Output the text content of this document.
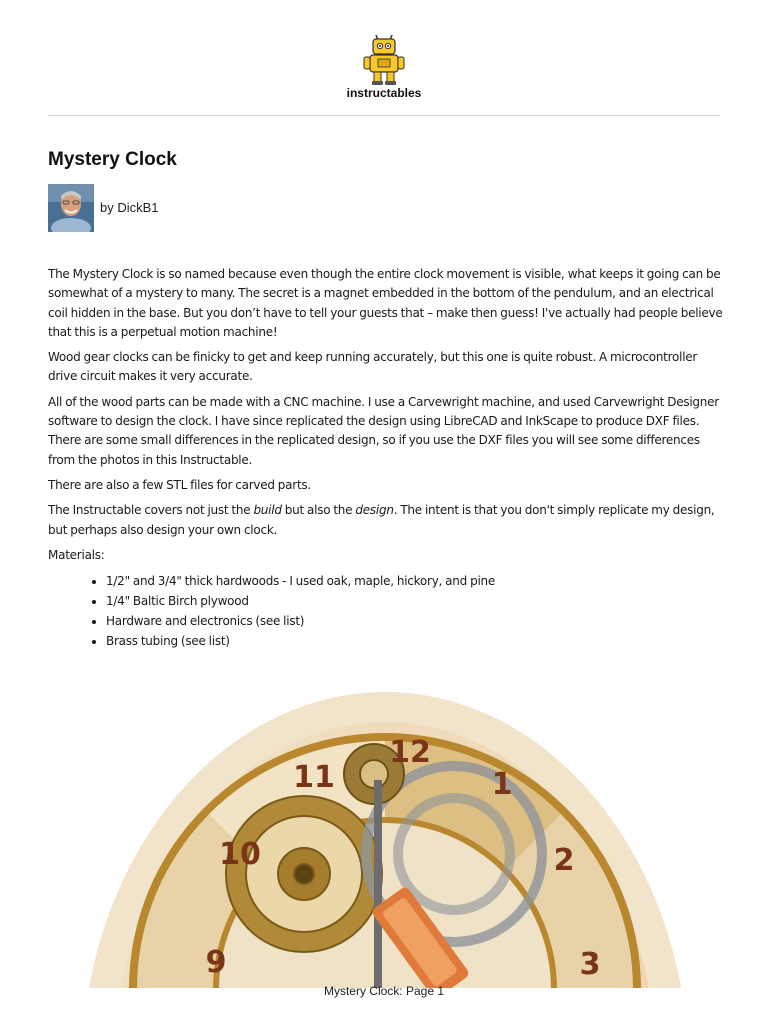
instructables
Mystery Clock
by DickB1

The Mystery Clock is so named because even though the entire clock movement is visible, what keeps it going can be somewhat of a mystery to many. The secret is a magnet embedded in the bottom of the pendulum, and an electrical coil hidden in the base. But you don’t have to tell your guests that – make then guess! I've actually had people believe that this is a perpetual motion machine!

Wood gear clocks can be finicky to get and keep running accurately, but this one is quite robust. A microcontroller drive circuit makes it very accurate.

All of the wood parts can be made with a CNC machine. I use a Carvewright machine, and used Carvewright Designer software to design the clock. I have since replicated the design using LibreCAD and InkScape to produce DXF files. There are some small differences in the replicated design, so if you use the DXF files you will see some differences from the photos in this Instructable.

There are also a few STL files for carved parts.

The Instructable covers not just the build but also the design. The intent is that you don't simply replicate my design, but perhaps also design your own clock.

Materials:

• 1/2" and 3/4" thick hardwoods - I used oak, maple, hickory, and pine
• 1/4" Baltic Birch plywood
• Hardware and electronics (see list)
• Brass tubing (see list)
12
11	1
10	2
9	3
Mystery Clock: Page 1
